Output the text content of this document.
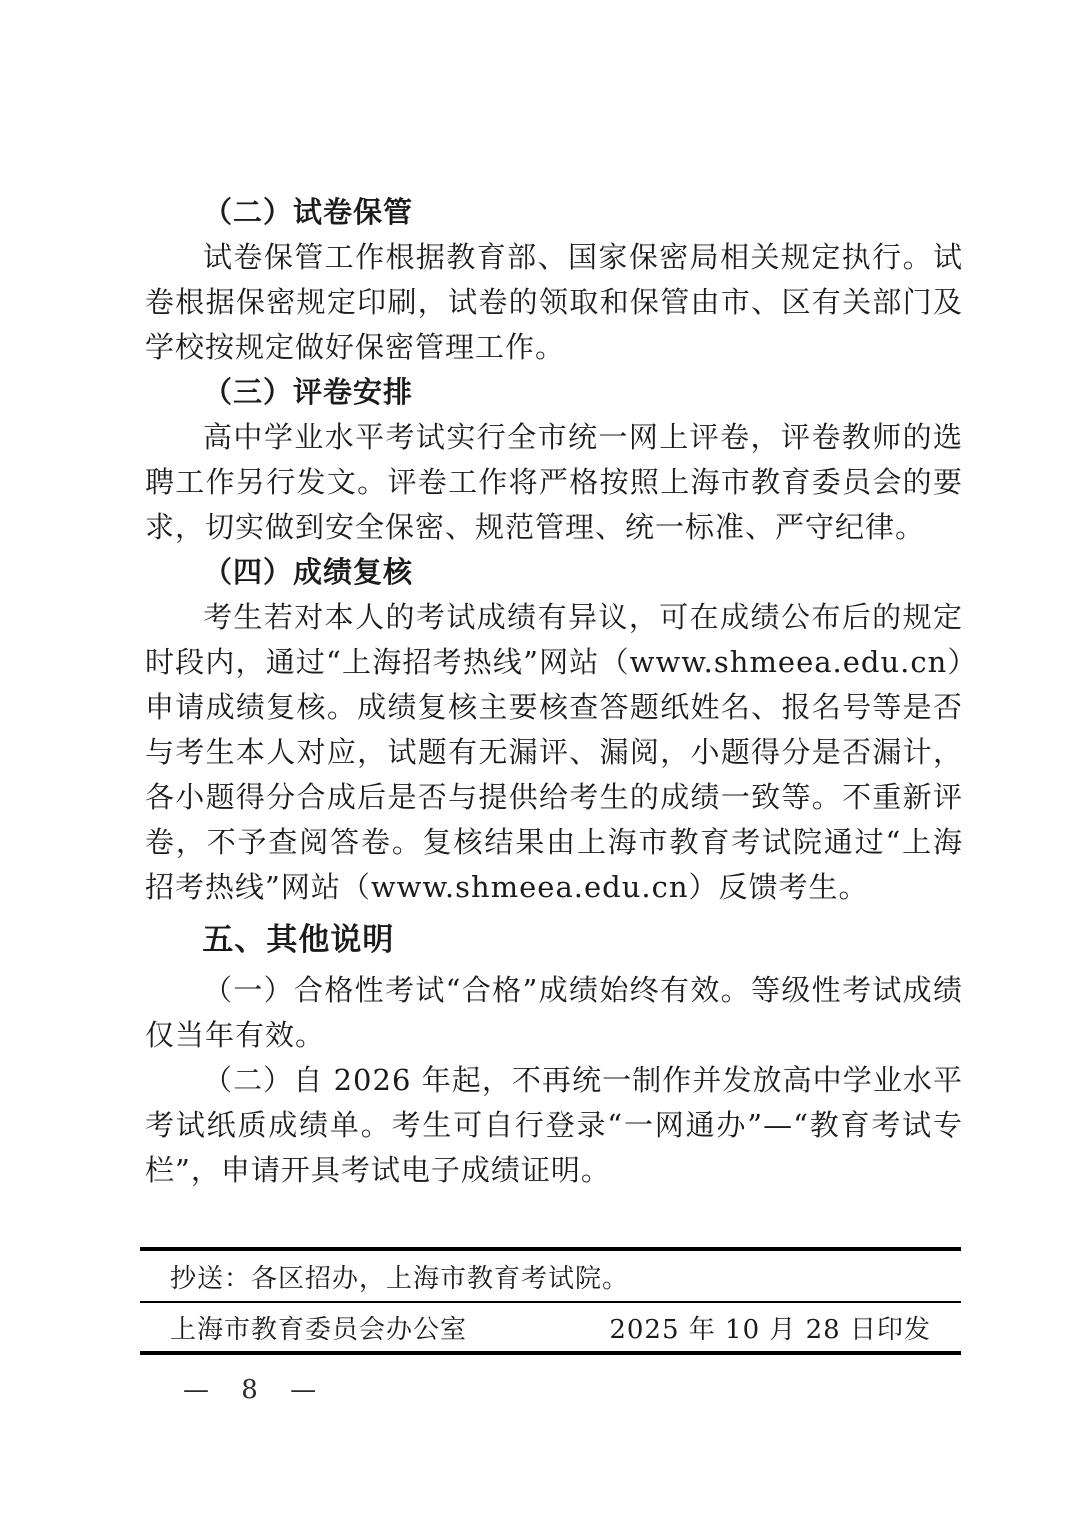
（二）试卷保管
试卷保管工作根据教育部、国家保密局相关规定执行。试卷根据保密规定印刷，试卷的领取和保管由市、区有关部门及学校按规定做好保密管理工作。
（三）评卷安排
高中学业水平考试实行全市统一网上评卷，评卷教师的选聘工作另行发文。评卷工作将严格按照上海市教育委员会的要求，切实做到安全保密、规范管理、统一标准、严守纪律。
（四）成绩复核
考生若对本人的考试成绩有异议，可在成绩公布后的规定时段内，通过“上海招考热线”网站（www.shmeea.edu.cn）申请成绩复核。成绩复核主要核查答题纸姓名、报名号等是否与考生本人对应，试题有无漏评、漏阅，小题得分是否漏计，各小题得分合成后是否与提供给考生的成绩一致等。不重新评卷，不予查阅答卷。复核结果由上海市教育考试院通过“上海招考热线”网站（www.shmeea.edu.cn）反馈考生。
五、其他说明
（一）合格性考试“合格”成绩始终有效。等级性考试成绩仅当年有效。
（二）自 2026 年起，不再统一制作并发放高中学业水平考试纸质成绩单。考生可自行登录“一网通办”—“教育考试专栏”，申请开具考试电子成绩证明。
抄送：各区招办，上海市教育考试院。
上海市教育委员会办公室	2025 年 10 月 28 日印发
— 8 —
